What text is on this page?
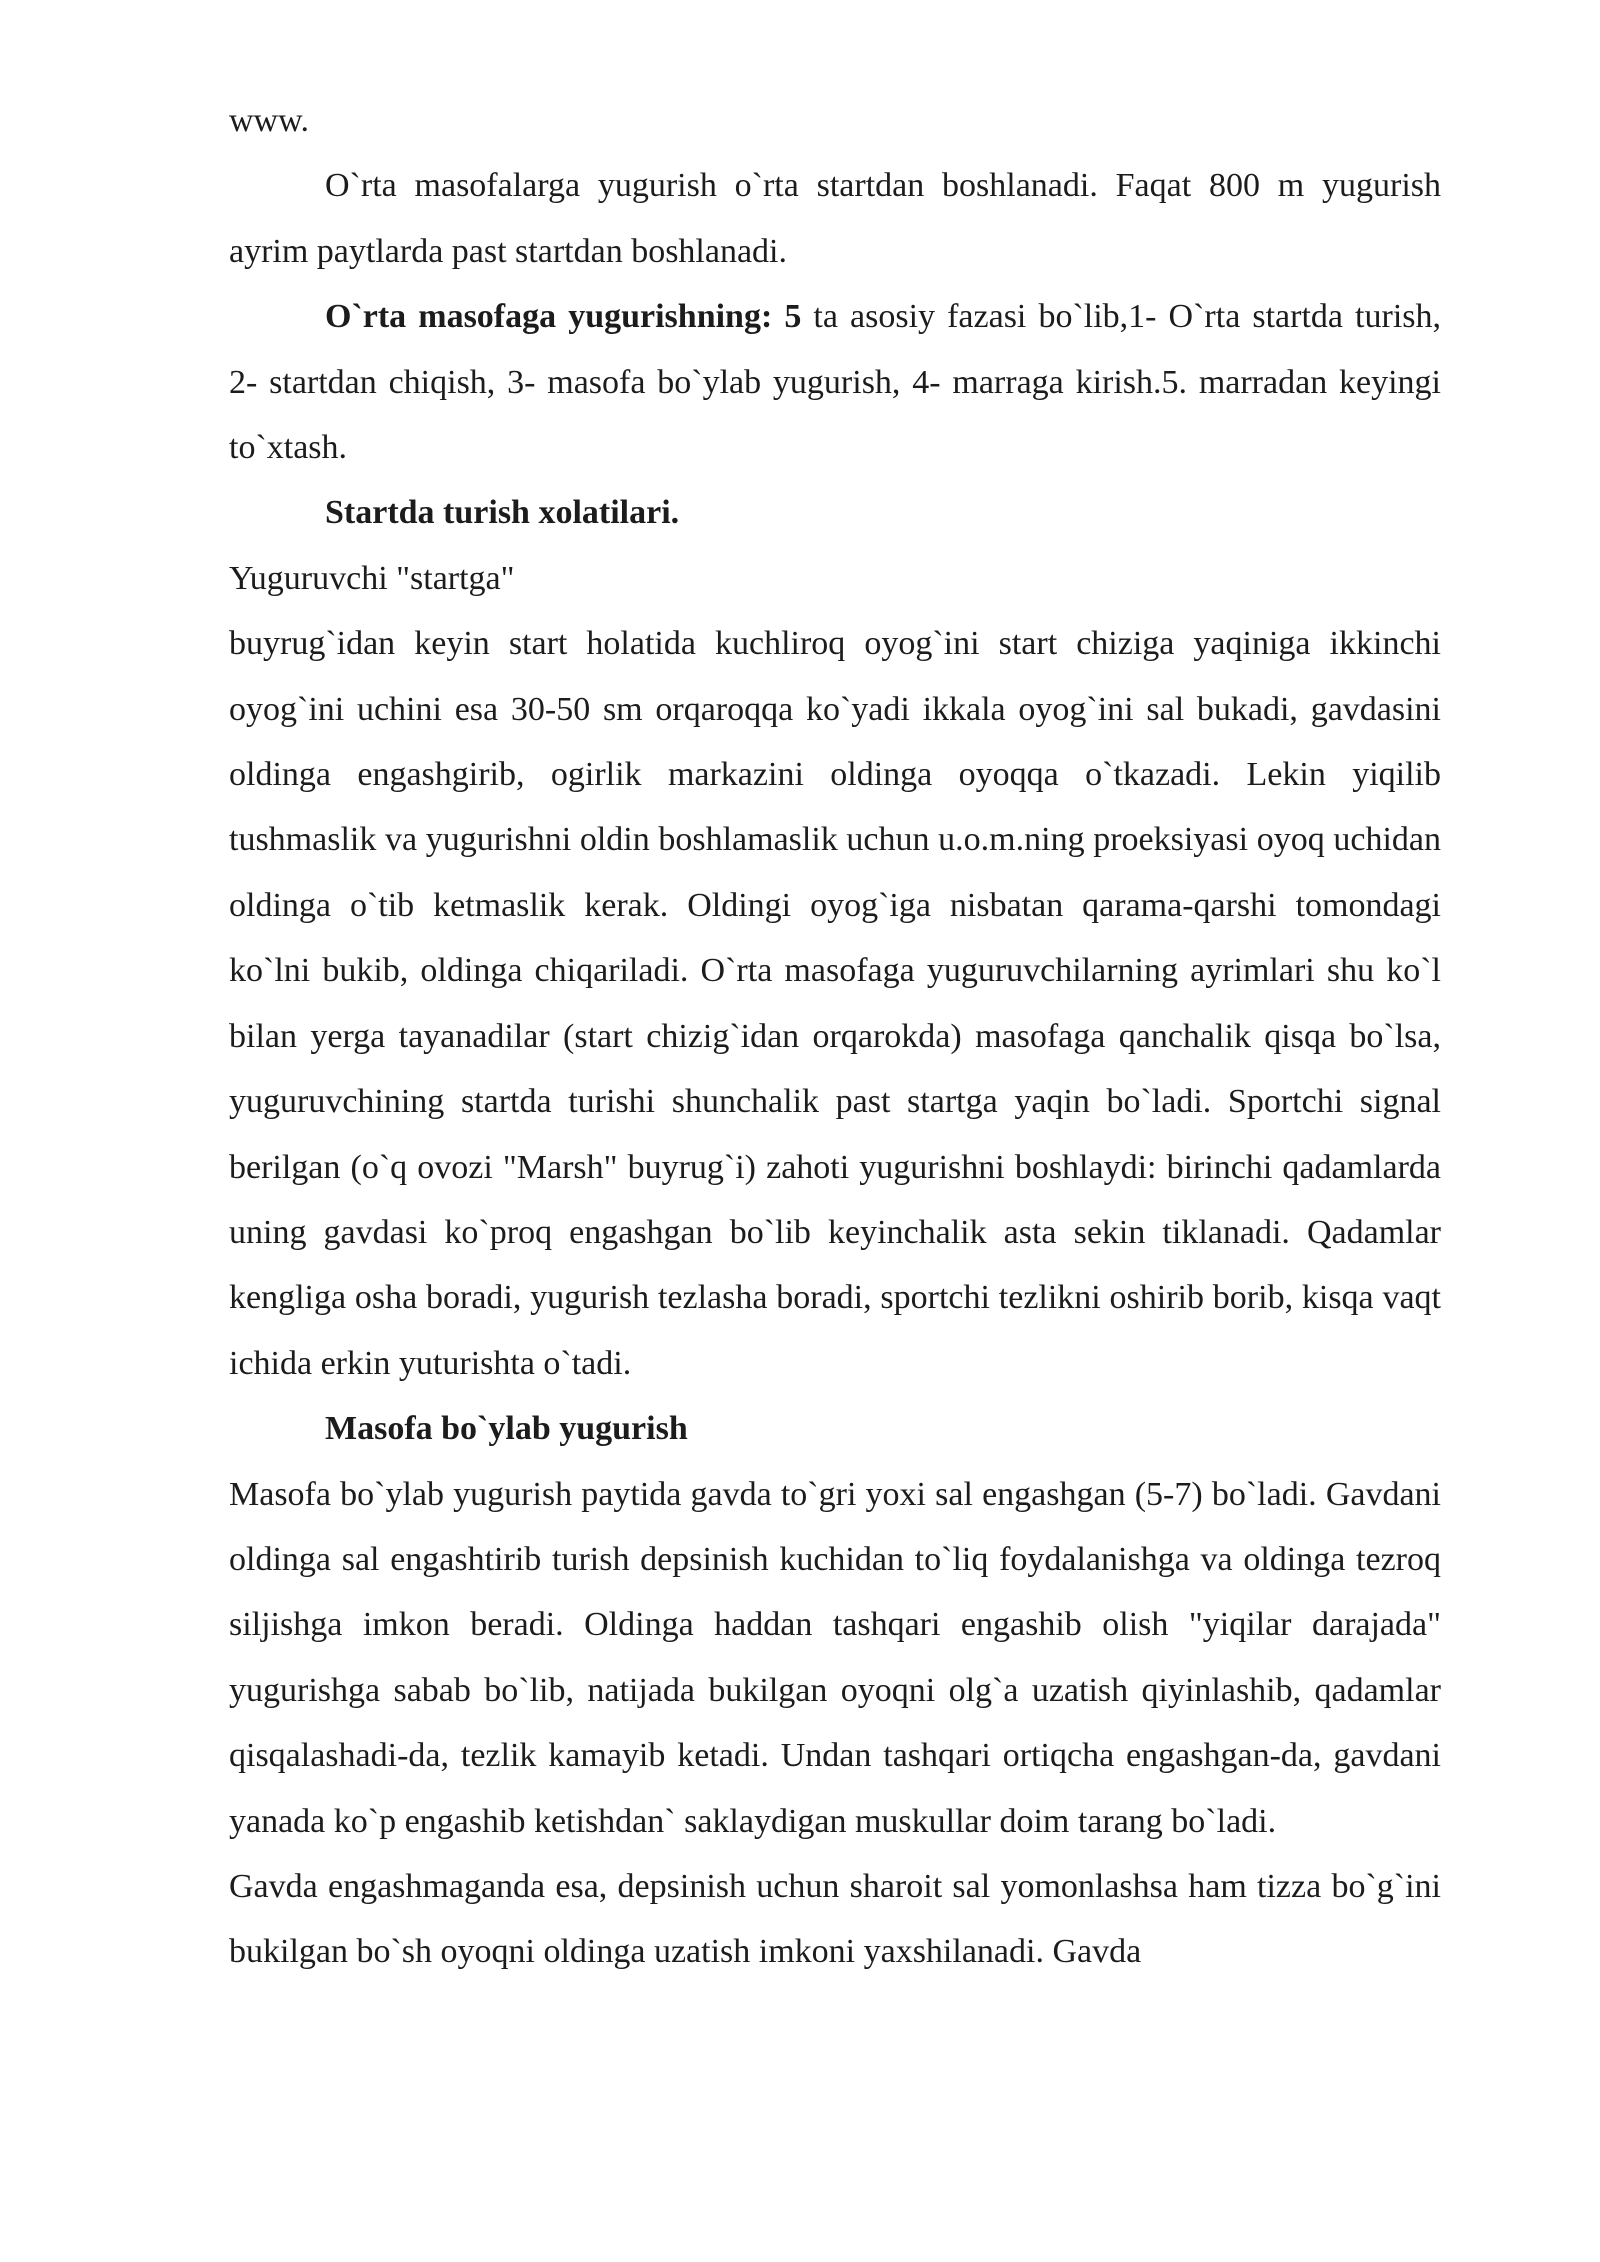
www.

O`rta masofalarga yugurish o`rta startdan boshlanadi. Faqat 800 m yugurish ayrim paytlarda past startdan boshlanadi.

O`rta masofaga yugurishning: 5 ta asosiy fazasi bo`lib,1- O`rta startda turish, 2- startdan chiqish, 3- masofa bo`ylab yugurish, 4- marraga kirish.5. marradan keyingi to`xtash.

Startda turish xolatilari.

Yuguruvchi "startga"

buyrug`idan keyin start holatida kuchliroq oyog`ini start chiziga yaqiniga ikkinchi oyog`ini uchini esa 30-50 sm orqaroqqa ko`yadi ikkala oyog`ini sal bukadi, gavdasini oldinga engashgirib, ogirlik markazini oldinga oyoqqa o`tkazadi. Lekin yiqilib tushmaslik va yugurishni oldin boshlamaslik uchun u.o.m.ning proeksiyasi oyoq uchidan oldinga o`tib ketmaslik kerak. Oldingi oyog`iga nisbatan qarama-qarshi tomondagi ko`lni bukib, oldinga chiqariladi. O`rta masofaga yuguruvchilarning ayrimlari shu ko`l bilan yerga tayanadilar (start chizig`idan orqarokda) masofaga qanchalik qisqa bo`lsa, yuguruvchining startda turishi shunchalik past startga yaqin bo`ladi. Sportchi signal berilgan (o`q ovozi "Marsh" buyrug`i) zahoti yugurishni boshlaydi: birinchi qadamlarda uning gavdasi ko`proq engashgan bo`lib keyinchalik asta sekin tiklanadi. Qadamlar kengliga osha boradi, yugurish tezlasha boradi, sportchi tezlikni oshirib borib, kisqa vaqt ichida erkin yuturishta o`tadi.

Masofa bo`ylab yugurish

Masofa bo`ylab yugurish paytida gavda to`gri yoxi sal engashgan (5-7) bo`ladi. Gavdani oldinga sal engashtirib turish depsinish kuchidan to`liq foydalanishga va oldinga tezroq siljishga imkon beradi. Oldinga haddan tashqari engashib olish "yiqilar darajada" yugurishga sabab bo`lib, natijada bukilgan oyoqni olg`a uzatish qiyinlashib, qadamlar qisqalashadi-da, tezlik kamayib ketadi. Undan tashqari ortiqcha engashgan-da, gavdani yanada ko`p engashib ketishdan` saklaydigan muskullar doim tarang bo`ladi.

Gavda engashmaganda esa, depsinish uchun sharoit sal yomonlashsa ham tizza bo`g`ini bukilgan bo`sh oyoqni oldinga uzatish imkoni yaxshilanadi. Gavda
